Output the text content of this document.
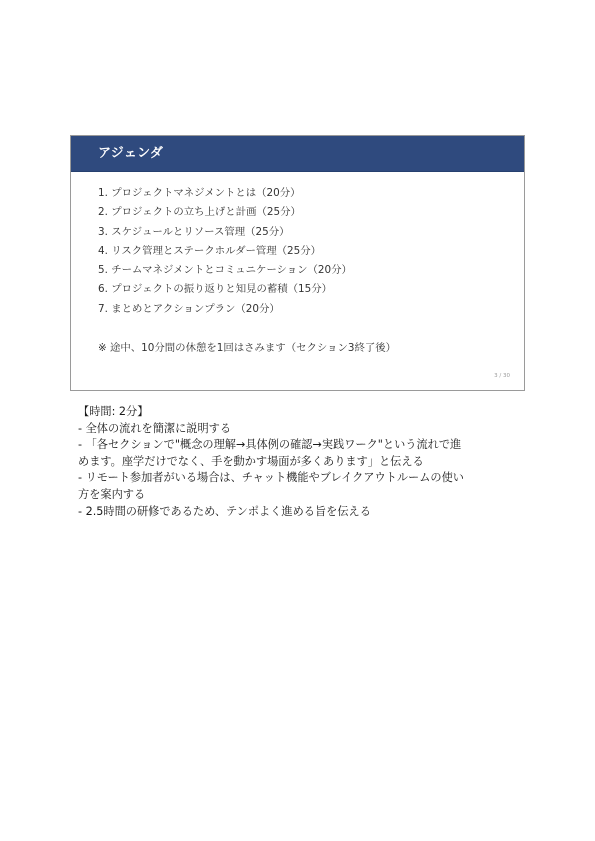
アジェンダ
1. プロジェクトマネジメントとは（20分）
2. プロジェクトの立ち上げと計画（25分）
3. スケジュールとリソース管理（25分）
4. リスク管理とステークホルダー管理（25分）
5. チームマネジメントとコミュニケーション（20分）
6. プロジェクトの振り返りと知見の蓄積（15分）
7. まとめとアクションプラン（20分）
※ 途中、10分間の休憩を1回はさみます（セクション3終了後）
3 / 30
【時間: 2分】
- 全体の流れを簡潔に説明する
- 「各セクションで"概念の理解→具体例の確認→実践ワーク"という流れで進
めます。座学だけでなく、手を動かす場面が多くあります」と伝える
- リモート参加者がいる場合は、チャット機能やブレイクアウトルームの使い
方を案内する
- 2.5時間の研修であるため、テンポよく進める旨を伝える
